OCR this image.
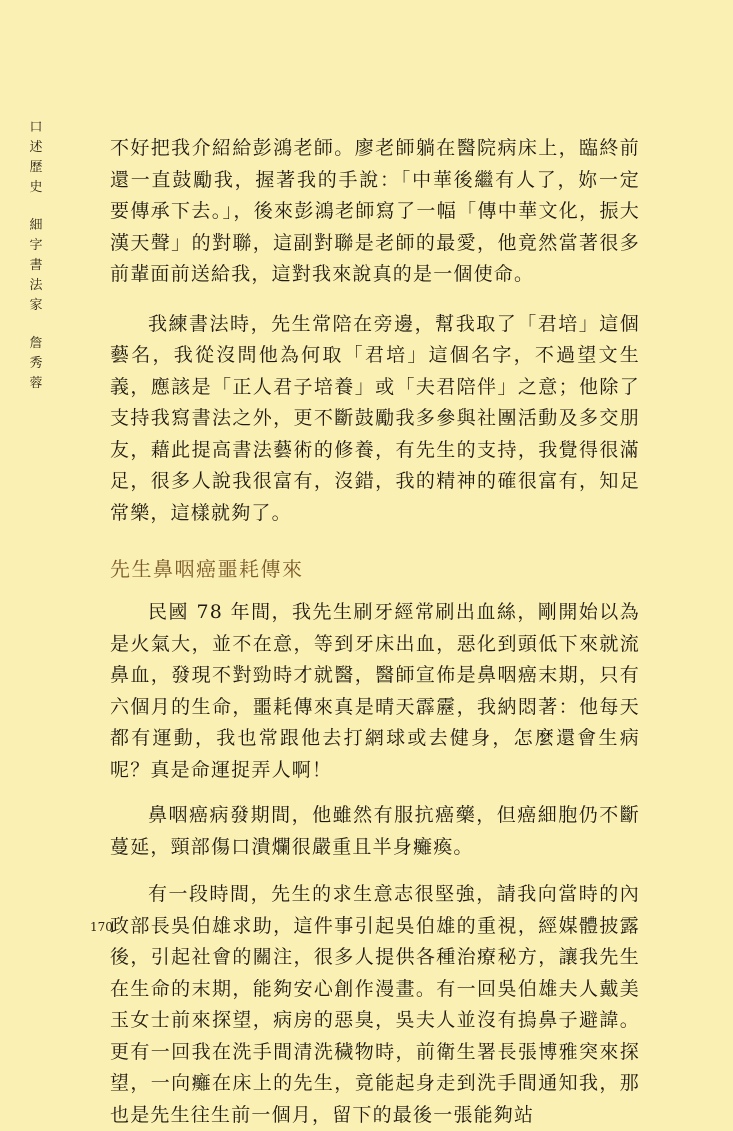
口
述
歷
史
細
字
書
法
家
詹
秀
蓉

不好把我介紹給彭鴻老師。廖老師躺在醫院病床上，臨終前還一直鼓勵我，握著我的手說：「中華後繼有人了，妳一定要傳承下去。」，後來彭鴻老師寫了一幅「傳中華文化，振大漢天聲」的對聯，這副對聯是老師的最愛，他竟然當著很多前輩面前送給我，這對我來說真的是一個使命。

我練書法時，先生常陪在旁邊，幫我取了「君培」這個藝名，我從沒問他為何取「君培」這個名字，不過望文生義，應該是「正人君子培養」或「夫君陪伴」之意；他除了支持我寫書法之外，更不斷鼓勵我多參與社團活動及多交朋友，藉此提高書法藝術的修養，有先生的支持，我覺得很滿足，很多人說我很富有，沒錯，我的精神的確很富有，知足常樂，這樣就夠了。

先生鼻咽癌噩耗傳來

民國 78 年間，我先生刷牙經常刷出血絲，剛開始以為是火氣大，並不在意，等到牙床出血，惡化到頭低下來就流鼻血，發現不對勁時才就醫，醫師宣佈是鼻咽癌末期，只有六個月的生命，噩耗傳來真是晴天霹靂，我納悶著：他每天都有運動，我也常跟他去打網球或去健身，怎麼還會生病呢？真是命運捉弄人啊！

鼻咽癌病發期間，他雖然有服抗癌藥，但癌細胞仍不斷蔓延，頸部傷口潰爛很嚴重且半身癱瘓。

有一段時間，先生的求生意志很堅強，請我向當時的內政部長吳伯雄求助，這件事引起吳伯雄的重視，經媒體披露後，引起社會的關注，很多人提供各種治療秘方，讓我先生在生命的末期，能夠安心創作漫畫。有一回吳伯雄夫人戴美玉女士前來探望，病房的惡臭，吳夫人並沒有摀鼻子避諱。更有一回我在洗手間清洗穢物時，前衛生署長張博雅突來探望，一向癱在床上的先生，竟能起身走到洗手間通知我，那也是先生往生前一個月，留下的最後一張能夠站

170
